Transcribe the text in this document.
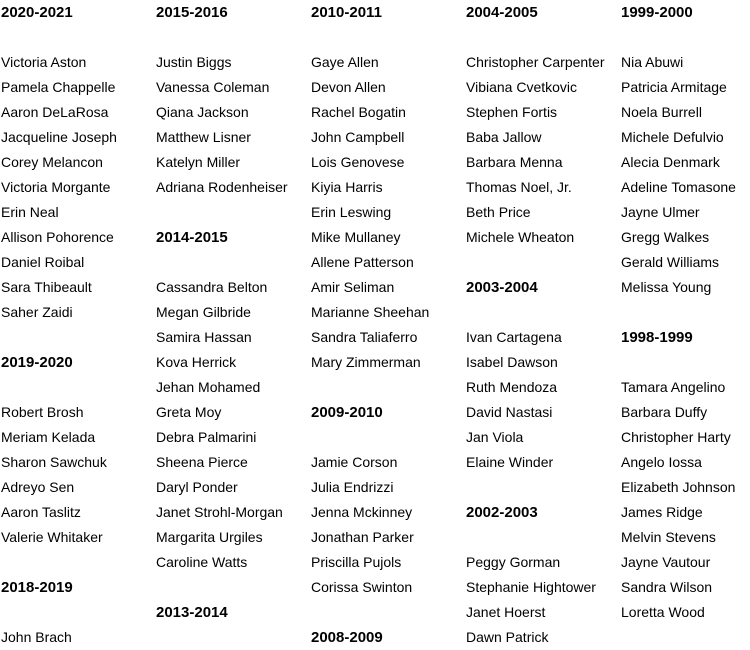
2020-2021
Victoria Aston
Pamela Chappelle
Aaron DeLaRosa
Jacqueline Joseph
Corey Melancon
Victoria Morgante
Erin Neal
Allison Pohorence
Daniel Roibal
Sara Thibeault
Saher Zaidi
2019-2020
Robert Brosh
Meriam Kelada
Sharon Sawchuk
Adreyo Sen
Aaron Taslitz
Valerie Whitaker
2018-2019
John Brach
2015-2016
Justin Biggs
Vanessa Coleman
Qiana Jackson
Matthew Lisner
Katelyn Miller
Adriana Rodenheiser
2014-2015
Cassandra Belton
Megan Gilbride
Samira Hassan
Kova Herrick
Jehan Mohamed
Greta Moy
Debra Palmarini
Sheena Pierce
Daryl Ponder
Janet Strohl-Morgan
Margarita Urgiles
Caroline Watts
2013-2014
2010-2011
Gaye Allen
Devon Allen
Rachel Bogatin
John Campbell
Lois Genovese
Kiyia Harris
Erin Leswing
Mike Mullaney
Allene Patterson
Amir Seliman
Marianne Sheehan
Sandra Taliaferro
Mary Zimmerman
2009-2010
Jamie Corson
Julia Endrizzi
Jenna Mckinney
Jonathan Parker
Priscilla Pujols
Corissa Swinton
2008-2009
2004-2005
Christopher Carpenter
Vibiana Cvetkovic
Stephen Fortis
Baba Jallow
Barbara Menna
Thomas Noel, Jr.
Beth Price
Michele Wheaton
2003-2004
Ivan Cartagena
Isabel Dawson
Ruth Mendoza
David Nastasi
Jan Viola
Elaine Winder
2002-2003
Peggy Gorman
Stephanie Hightower
Janet Hoerst
Dawn Patrick
1999-2000
Nia Abuwi
Patricia Armitage
Noela Burrell
Michele Defulvio
Alecia Denmark
Adeline Tomasone
Jayne Ulmer
Gregg Walkes
Gerald Williams
Melissa Young
1998-1999
Tamara Angelino
Barbara Duffy
Christopher Harty
Angelo Iossa
Elizabeth Johnson
James Ridge
Melvin Stevens
Jayne Vautour
Sandra Wilson
Loretta Wood
